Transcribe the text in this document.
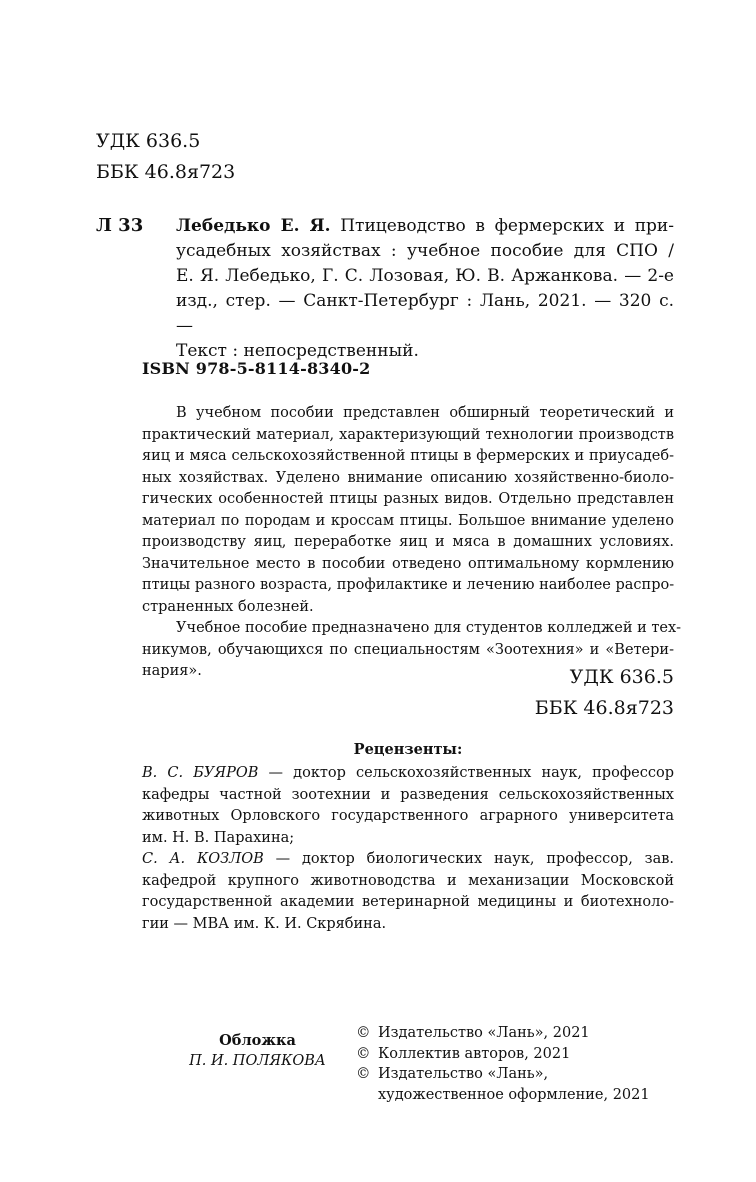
УДК 636.5
ББК 46.8я723
Л 33 Лебедько Е. Я. Птицеводство в фермерских и при-
усадебных хозяйствах : учебное пособие для СПО /
Е. Я. Лебедько, Г. С. Лозовая, Ю. В. Аржанкова. — 2-е
изд., стер. — Санкт-Петербург : Лань, 2021. — 320 с. —
Текст : непосредственный.
ISBN 978-5-8114-8340-2
В учебном пособии представлен обширный теоретический и
практический материал, характеризующий технологии производств
яиц и мяса сельскохозяйственной птицы в фермерских и приусадеб-
ных хозяйствах. Уделено внимание описанию хозяйственно-биоло-
гических особенностей птицы разных видов. Отдельно представлен
материал по породам и кроссам птицы. Большое внимание уделено
производству яиц, переработке яиц и мяса в домашних условиях.
Значительное место в пособии отведено оптимальному кормлению
птицы разного возраста, профилактике и лечению наиболее распро-
страненных болезней.
Учебное пособие предназначено для студентов колледжей и тех-
никумов, обучающихся по специальностям «Зоотехния» и «Ветери-
нария».	УДК 636.5
ББК 46.8я723
Рецензенты:
В. С. БУЯРОВ — доктор сельскохозяйственных наук, профессор
кафедры частной зоотехнии и разведения сельскохозяйственных
животных Орловского государственного аграрного университета
им. Н. В. Парахина;
С. А. КОЗЛОВ — доктор биологических наук, профессор, зав.
кафедрой крупного животноводства и механизации Московской
государственной академии ветеринарной медицины и биотехноло-
гии — МВА им. К. И. Скрябина.
Обложка
П. И. ПОЛЯКОВА
© Издательство «Лань», 2021
© Коллектив авторов, 2021
© Издательство «Лань»,
художественное оформление, 2021
